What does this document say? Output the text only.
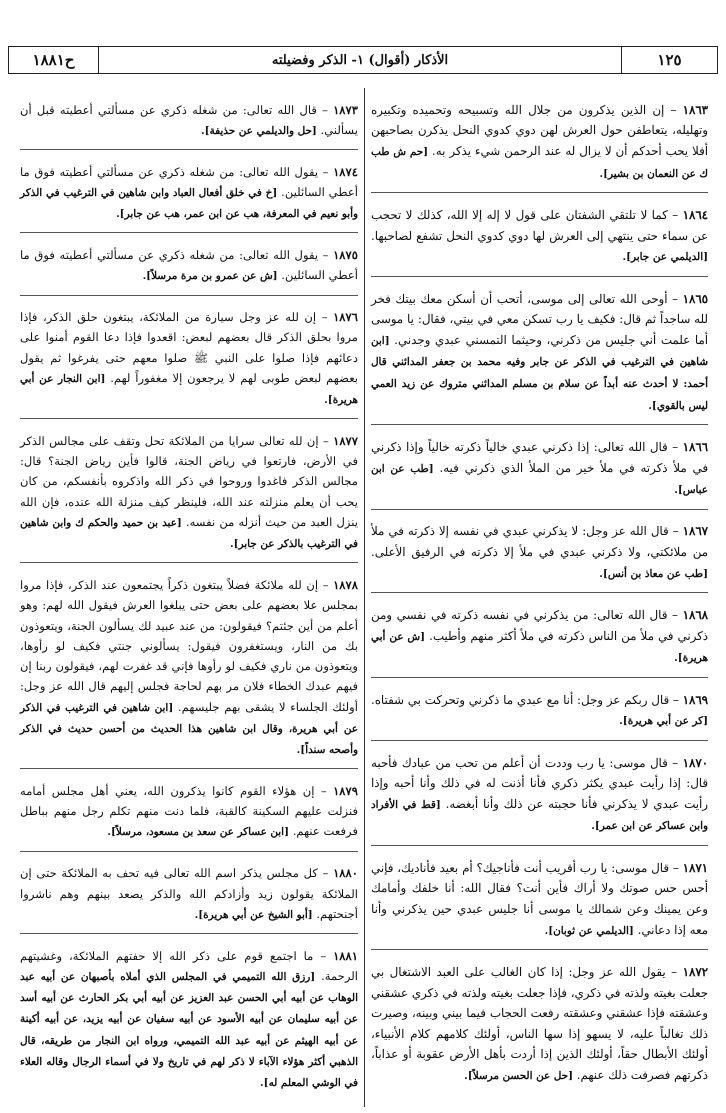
١٢٥
الأذكار (أقوال) ١- الذكر وفضيلته
ح١٨٨١

١٨٦٣ – إن الذين يذكرون من جلال الله وتسبيحه وتحميده وتكبيره وتهليله، يتعاطفن حول العرش لهن دوي كدوي النحل يذكرن بصاحبهن أفلا يحب أحدكم أن لا يزال له عند الرحمن شيء يذكر به. [حم ش طب ك عن النعمان بن بشير].

١٨٦٤ – كما لا تلتقي الشفتان على قول لا إله إلا الله، كذلك لا تحجب عن سماء حتى ينتهي إلى العرش لها دوي كدوي النحل تشفع لصاحبها. [الديلمي عن جابر].

١٨٦٥ – أوحى الله تعالى إلى موسى، أتحب أن أسكن معك بيتك فخر لله ساجداً ثم قال: فكيف يا رب تسكن معي في بيتي، فقال: يا موسى أما علمت أني جليس من ذكرني، وحيثما التمسني عبدي وجدني. [ابن شاهين في الترغيب في الذكر عن جابر وفيه محمد بن جعفر المدائني قال أحمد: لا أحدث عنه أبداً عن سلام بن مسلم المدائني متروك عن زيد العمي ليس بالقوي].

١٨٦٦ – قال الله تعالى: إذا ذكرني عبدي خالياً ذكرته خالياً وإذا ذكرني في ملأ ذكرته في ملأ خير من الملأ الذي ذكرني فيه. [طب عن ابن عباس].

١٨٦٧ – قال الله عز وجل: لا يذكرني عبدي في نفسه إلا ذكرته في ملأ من ملائكتي، ولا ذكرني عبدي في ملأ إلا ذكرته في الرفيق الأعلى. [طب عن معاذ بن أنس].

١٨٦٨ – قال الله تعالى: من يذكرني في نفسه ذكرته في نفسي ومن ذكرني في ملأ من الناس ذكرته في ملأ أكثر منهم وأطيب. [ش عن أبي هريرة].

١٨٦٩ – قال ربكم عز وجل: أنا مع عبدي ما ذكرني وتحركت بي شفتاه. [كر عن أبي هريرة].

١٨٧٠ – قال موسى: يا رب وددت أن أعلم من تحب من عبادك فأحبه قال: إذا رأيت عبدي يكثر ذكري فأنا أذنت له في ذلك وأنا أحبه وإذا رأيت عبدي لا يذكرني فأنا حجبته عن ذلك وأنا أبغضه. [قط في الأفراد وابن عساكر عن ابن عمر].

١٨٧١ – قال موسى: يا رب أقريب أنت فأناجيك؟ أم بعيد فأناديك، فإني أحس حس صوتك ولا أراك فأين أنت؟ فقال الله: أنا خلفك وأمامك وعن يمينك وعن شمالك يا موسى أنا جليس عبدي حين يذكرني وأنا معه إذا دعاني. [الديلمي عن ثوبان].

١٨٧٢ – يقول الله عز وجل: إذا كان الغالب على العبد الاشتغال بي جعلت بغيته ولذته في ذكري، فإذا جعلت بغيته ولذته في ذكري عشقني وعشقته فإذا عشقني وعشقته رفعت الحجاب فيما بيني وبينه، وصيرت ذلك تغالباً عليه، لا يسهو إذا سها الناس، أولئك كلامهم كلام الأنبياء، أولئك الأبطال حقاً، أولئك الذين إذا أردت بأهل الأرض عقوبة أو عذاباً، ذكرتهم فصرفت ذلك عنهم. [حل عن الحسن مرسلاً].

١٨٧٣ – قال الله تعالى: من شغله ذكري عن مسألتي أعطيته قبل أن يسألني. [حل والديلمي عن حذيفة].

١٨٧٤ – يقول الله تعالى: من شغله ذكري عن مسألتي أعطيته فوق ما أعطي السائلين. [خ في خلق أفعال العباد وابن شاهين في الترغيب في الذكر وأبو نعيم في المعرفة، هب عن ابن عمر، هب عن جابر].

١٨٧٥ – يقول الله تعالى: من شغله ذكري عن مسألتي أعطيته فوق ما أعطي السائلين. [ش عن عمرو بن مرة مرسلاً].

١٨٧٦ – إن لله عز وجل سيارة من الملائكة، يبتغون حلق الذكر، فإذا مروا بحلق الذكر قال بعضهم لبعض: اقعدوا فإذا دعا القوم أمنوا على دعائهم فإذا صلوا على النبي ﷺ صلوا معهم حتى يفرغوا ثم يقول بعضهم لبعض طوبى لهم لا يرجعون إلا مغفوراً لهم. [ابن النجار عن أبي هريرة].

١٨٧٧ – إن لله تعالى سرايا من الملائكة تحل وتقف على مجالس الذكر في الأرض، فارتعوا في رياض الجنة، قالوا فأين رياض الجنة؟ قال: مجالس الذكر فاغدوا وروحوا في ذكر الله واذكروه بأنفسكم، من كان يحب أن يعلم منزلته عند الله، فلينظر كيف منزلة الله عنده، فإن الله ينزل العبد من حيث أنزله من نفسه. [عبد بن حميد والحكم ك وابن شاهين في الترغيب بالذكر عن جابر].

١٨٧٨ – إن لله ملائكة فضلاً يبتغون ذكراً يجتمعون عند الذكر، فإذا مروا بمجلس علا بعضهم على بعض حتى يبلغوا العرش فيقول الله لهم: وهو أعلم من أين جئتم؟ فيقولون: من عند عبيد لك يسألون الجنة، ويتعوذون بك من النار، ويستغفرون فيقول: يسألوني جنتي فكيف لو رأوها، ويتعوذون من ناري فكيف لو رأوها فإني قد غفرت لهم، فيقولون ربنا إن فيهم عبدك الخطاء فلان مر بهم لحاجة فجلس إليهم قال الله عز وجل: أولئك الجلساء لا يشقى بهم جليسهم. [ابن شاهين في الترغيب في الذكر عن أبي هريرة، وقال ابن شاهين هذا الحديث من أحسن حديث في الذكر وأصحه سنداً].

١٨٧٩ – إن هؤلاء القوم كانوا يذكرون الله، يعني أهل مجلس أمامه فنزلت عليهم السكينة كالقبة، فلما دنت منهم تكلم رجل منهم بباطل فرفعت عنهم. [ابن عساكر عن سعد بن مسعود، مرسلاً].

١٨٨٠ – كل مجلس يذكر اسم الله تعالى فيه تحف به الملائكة حتى إن الملائكة يقولون زيد وأزادكم الله والذكر يصعد بينهم وهم ناشروا أجنحتهم. [أبو الشيخ عن أبي هريرة].

١٨٨١ – ما اجتمع قوم على ذكر الله إلا حفتهم الملائكة، وغشيتهم الرحمة. [رزق الله التميمي في المجلس الذي أملاه بأصبهان عن أبيه عبد الوهاب عن أبيه أبي الحسن عبد العزيز عن أبيه أبي بكر الحارث عن أبيه أسد عن أبيه سليمان عن أبيه الأسود عن أبيه سفيان عن أبيه يزيد، عن أبيه أكينة عن أبيه الهيثم عن أبيه عبد الله التميمي، ورواه ابن النجار من طريقه، قال الذهبي أكثر هؤلاء الآباء لا ذكر لهم في تاريخ ولا في أسماء الرجال وقاله العلاء في الوشي المعلم له].
